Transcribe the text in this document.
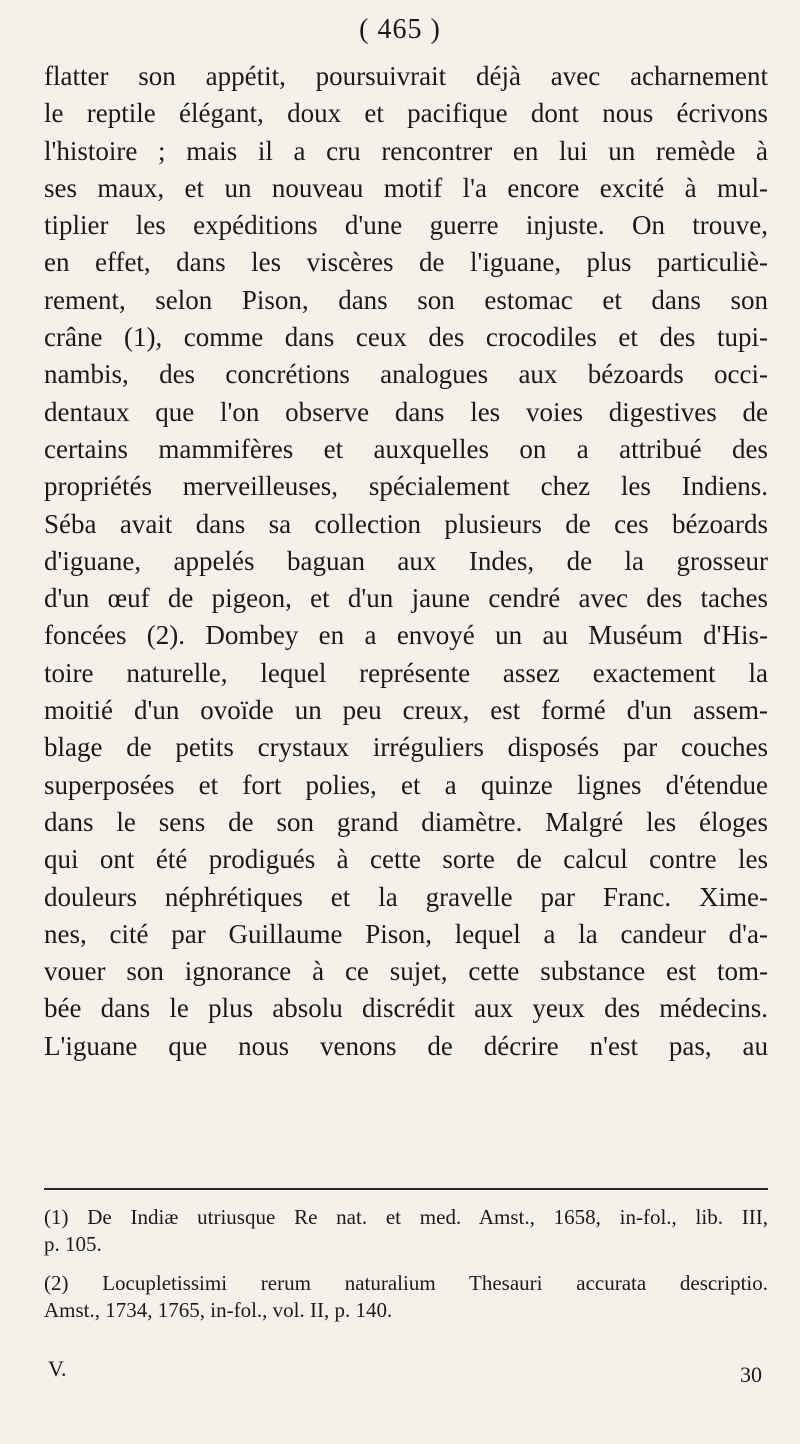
( 465 )
flatter son appétit, poursuivrait déjà avec acharnement
le reptile élégant, doux et pacifique dont nous écrivons
l'histoire ; mais il a cru rencontrer en lui un remède à
ses maux, et un nouveau motif l'a encore excité à mul-
tiplier les expéditions d'une guerre injuste. On trouve,
en effet, dans les viscères de l'iguane, plus particuliè-
rement, selon Pison, dans son estomac et dans son
crâne (1), comme dans ceux des crocodiles et des tupi-
nambis, des concrétions analogues aux bézoards occi-
dentaux que l'on observe dans les voies digestives de
certains mammifères et auxquelles on a attribué des
propriétés merveilleuses, spécialement chez les Indiens.
Séba avait dans sa collection plusieurs de ces bézoards
d'iguane, appelés baguan aux Indes, de la grosseur
d'un œuf de pigeon, et d'un jaune cendré avec des taches
foncées (2). Dombey en a envoyé un au Muséum d'His-
toire naturelle, lequel représente assez exactement la
moitié d'un ovoïde un peu creux, est formé d'un assem-
blage de petits crystaux irréguliers disposés par couches
superposées et fort polies, et a quinze lignes d'étendue
dans le sens de son grand diamètre. Malgré les éloges
qui ont été prodigués à cette sorte de calcul contre les
douleurs néphrétiques et la gravelle par Franc. Xime-
nes, cité par Guillaume Pison, lequel a la candeur d'a-
vouer son ignorance à ce sujet, cette substance est tom-
bée dans le plus absolu discrédit aux yeux des médecins.
L'iguane que nous venons de décrire n'est pas, au
(1) De Indiæ utriusque Re nat. et med. Amst., 1658, in-fol., lib. III,
p. 105.
(2) Locupletissimi rerum naturalium Thesauri accurata descriptio.
Amst., 1734, 1765, in-fol., vol. II, p. 140.
V.	30
